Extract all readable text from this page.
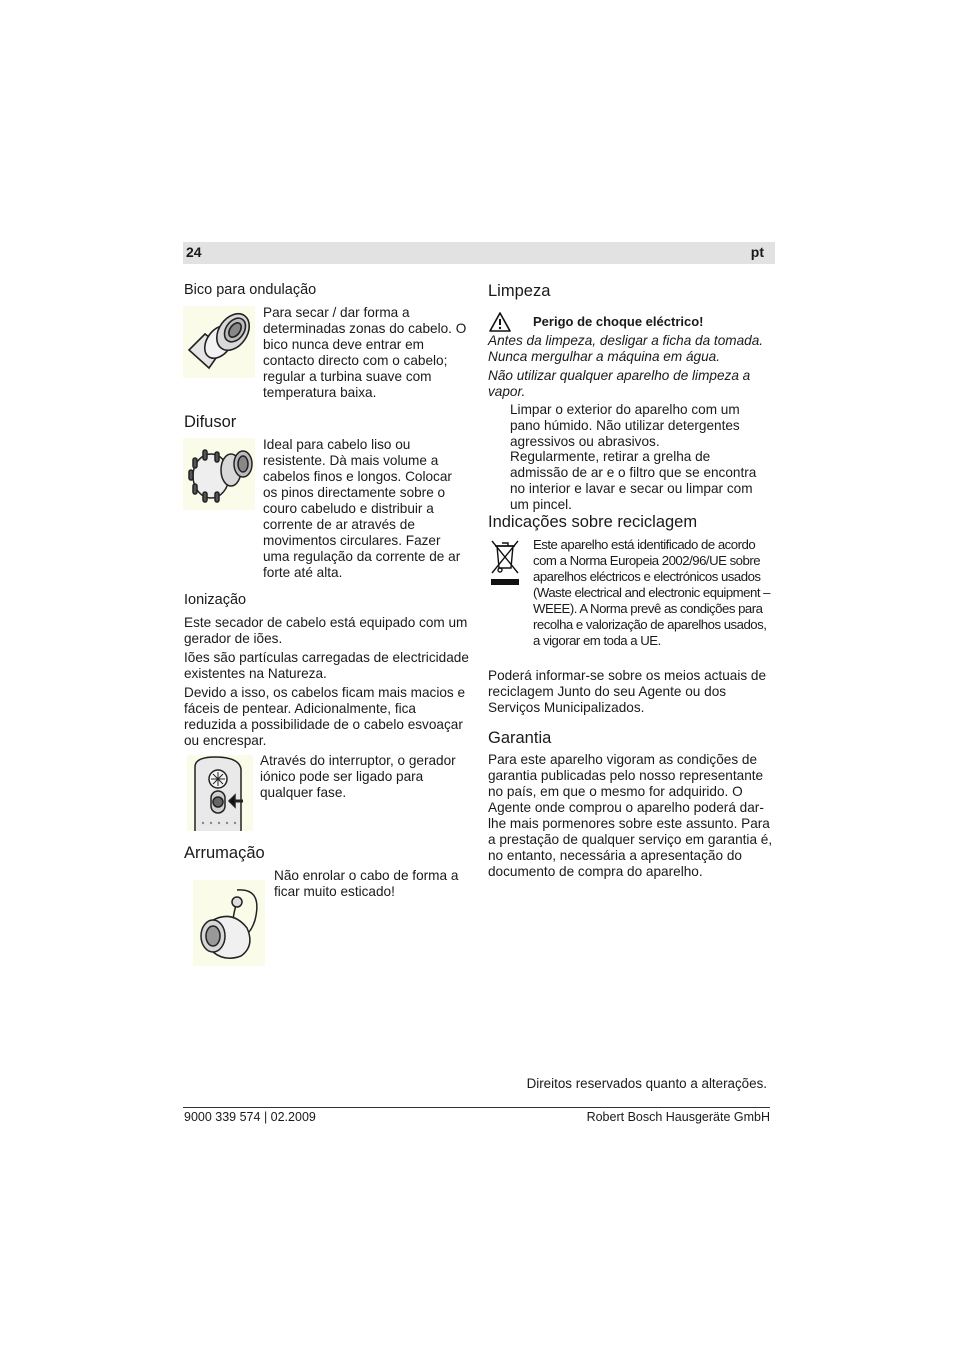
24	pt
Bico para ondulação
Para secar / dar forma a determinadas zonas do cabelo. O bico nunca deve entrar em contacto directo com o cabelo; regular a turbina suave com temperatura baixa.
Difusor
Ideal para cabelo liso ou resistente. Dà mais volume a cabelos finos e longos. Colocar os pinos directamente sobre o couro cabeludo e distribuir a corrente de ar através de movimentos circulares. Fazer uma regulação da corrente de ar forte até alta.
Ionização
Este secador de cabelo está equipado com um gerador de iões.
Iões são partículas carregadas de electricidade existentes na Natureza.
Devido a isso, os cabelos ficam mais macios e fáceis de pentear. Adicionalmente, fica reduzida a possibilidade de o cabelo esvoaçar ou encrespar.
Através do interruptor, o gerador iónico pode ser ligado para qualquer fase.
Arrumação
Não enrolar o cabo de forma a ficar muito esticado!
Limpeza
Perigo de choque eléctrico!
Antes da limpeza, desligar a ficha da tomada. Nunca mergulhar a máquina em água.
Não utilizar qualquer aparelho de limpeza a vapor.
Limpar o exterior do aparelho com um pano húmido. Não utilizar detergentes agressivos ou abrasivos.
Regularmente, retirar a grelha de admissão de ar e o filtro que se encontra no interior e lavar e secar ou limpar com um pincel.
Indicações sobre reciclagem
Este aparelho está identificado de acordo com a Norma Europeia 2002/96/UE sobre aparelhos eléctricos e electrónicos usados (Waste electrical and electronic equipment – WEEE). A Norma prevê as condições para recolha e valorização de aparelhos usados, a vigorar em toda a UE.
Poderá informar-se sobre os meios actuais de reciclagem Junto do seu Agente ou dos Serviços Municipalizados.
Garantia
Para este aparelho vigoram as condições de garantia publicadas pelo nosso representante no país, em que o mesmo for adquirido. O Agente onde comprou o aparelho poderá dar-lhe mais pormenores sobre este assunto. Para a prestação de qualquer serviço em garantia é, no entanto, necessária a apresentação do documento de compra do aparelho.
Direitos reservados quanto a alterações.
9000 339 574 | 02.2009	Robert Bosch Hausgeräte GmbH
